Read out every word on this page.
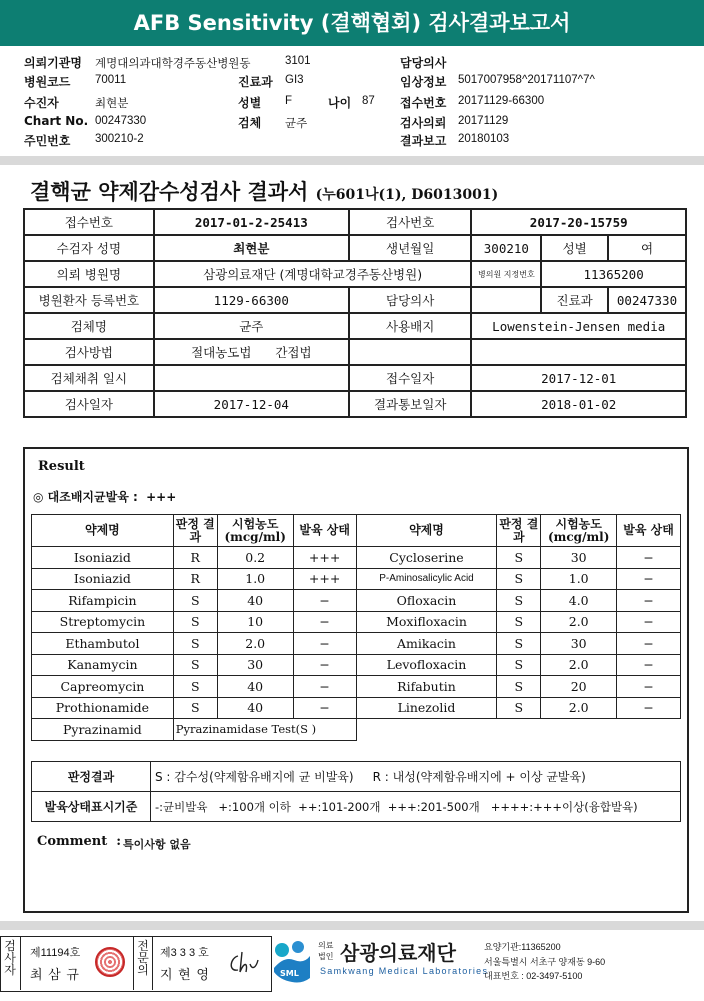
AFB Sensitivity (결핵협회) 검사결과보고서
의뢰기관명 계명대의과대학경주동산병원동	3101	담당의사
병원코드 70011	진료과 GI3	임상정보 5017007958^20171107^7^
수진자	최현분	성별 F	나이 87 접수번호 20171129-66300
Chart No. 00247330	검체 균주	검사의뢰 20171129
주민번호 300210-2	결과보고 20180103
결핵균 약제감수성검사 결과서 (누601나(1), D6013001)
접수번호	2017-01-2-25413	검사번호	2017-20-15759		
수검자 성명	최현분	생년월일	300210	성별	여
의뢰 병원명	삼광의료재단 (계명대학교경주동산병원)		병의원 지정번호	11365200	
병원환자 등록번호	1129-66300	담당의사		진료과	00247330
검체명	균주	사용배지	Lowenstein-Jensen media		
검사방법	절대농도법 간접법				
검체채취 일시		접수일자	2017-12-01		
검사일자	2017-12-04	결과통보일자	2018-01-02		
Result
◎ 대조배지균발육 :  +++
약제명	판정 결과	시험농도 (mcg/ml)	발육 상태	약제명	판정 결과	시험농도 (mcg/ml)	발육 상태
Isoniazid	R	0.2	+++	Cycloserine	S	30	−
Isoniazid	R	1.0	+++	P-Aminosalicylic Acid	S	1.0	−
Rifampicin	S	40	−	Ofloxacin	S	4.0	−
Streptomycin	S	10	−	Moxifloxacin	S	2.0	−
Ethambutol	S	2.0	−	Amikacin	S	30	−
Kanamycin	S	30	−	Levofloxacin	S	2.0	−
Capreomycin	S	40	−	Rifabutin	S	20	−
Prothionamide	S	40	−	Linezolid	S	2.0	−
Pyrazinamid	Pyrazinamidase Test(S )						
판정결과	S : 감수성(약제함유배지에 균 비발육)     R : 내성(약제함유배지에 + 이상 균발육)
발육상태표시기준	-:균비발육   +:100개 이하  ++:101-200개  +++:201-500개   ++++:+++이상(융합발육)
Comment  : 특이사항 없음
검
사
자
제11194호
최 삼 규
전
문
의
제3 3 3 호
지 현 영	SML
의료
법인 삼광의료재단
Samkwang Medical Laboratories
요양기관:11365200
서울특별시 서초구 양재동 9-60
대표번호 : 02-3497-5100
